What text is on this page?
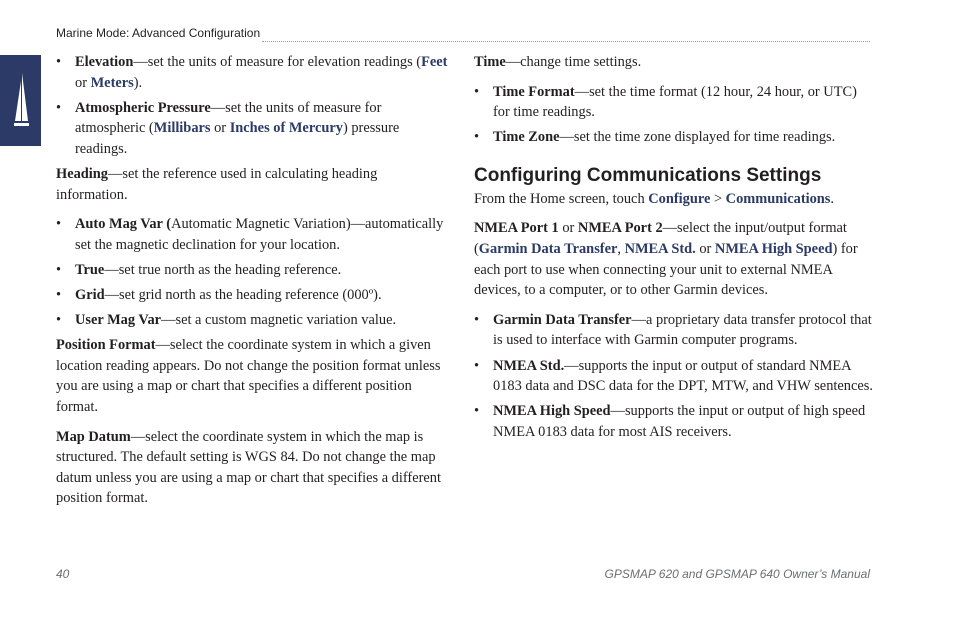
Marine Mode: Advanced Configuration
• Elevation—set the units of measure for elevation readings (Feet or Meters).
• Atmospheric Pressure—set the units of measure for atmospheric (Millibars or Inches of Mercury) pressure readings.

Heading—set the reference used in calculating heading information.

• Auto Mag Var (Automatic Magnetic Variation)—automatically set the magnetic declination for your location.
• True—set true north as the heading reference.
• Grid—set grid north as the heading reference (000º).
• User Mag Var—set a custom magnetic variation value.

Position Format—select the coordinate system in which a given location reading appears. Do not change the position format unless you are using a map or chart that specifies a different position format.

Map Datum—select the coordinate system in which the map is structured. The default setting is WGS 84. Do not change the map datum unless you are using a map or chart that specifies a different position format.

Time—change time settings.

• Time Format—set the time format (12 hour, 24 hour, or UTC) for time readings.
• Time Zone—set the time zone displayed for time readings.
Configuring Communications Settings

From the Home screen, touch Configure > Communications.

NMEA Port 1 or NMEA Port 2—select the input/output format (Garmin Data Transfer, NMEA Std. or NMEA High Speed) for each port to use when connecting your unit to external NMEA devices, to a computer, or to other Garmin devices.

• Garmin Data Transfer—a proprietary data transfer protocol that is used to interface with Garmin computer programs.
• NMEA Std.—supports the input or output of standard NMEA 0183 data and DSC data for the DPT, MTW, and VHW sentences.
• NMEA High Speed—supports the input or output of high speed NMEA 0183 data for most AIS receivers.
40	GPSMAP 620 and GPSMAP 640 Owner’s Manual
